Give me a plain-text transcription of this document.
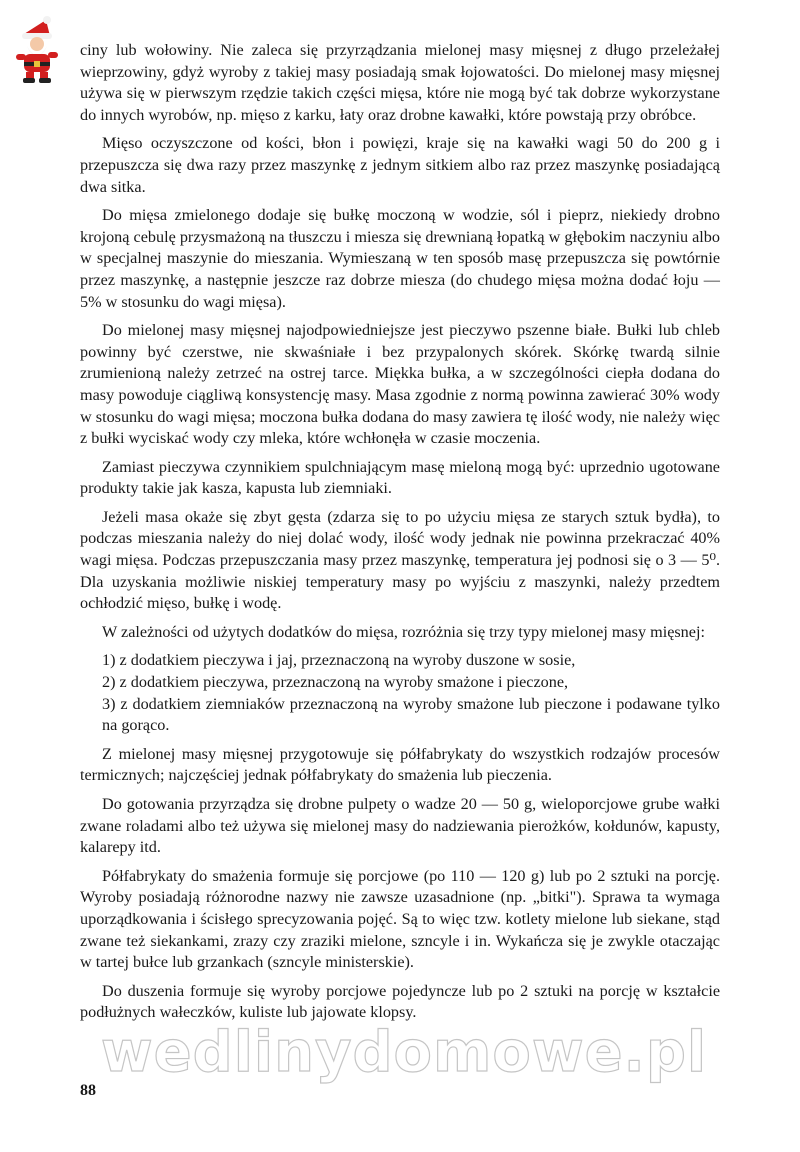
ciny lub wołowiny. Nie zaleca się przyrządzania mielonej masy mięsnej z długo przeleżałej wieprzowiny, gdyż wyroby z takiej masy posiadają smak łojowatości. Do mielonej masy mięsnej używa się w pierwszym rzędzie takich części mięsa, które nie mogą być tak dobrze wykorzystane do innych wyrobów, np. mięso z karku, łaty oraz drobne kawałki, które powstają przy obróbce.

Mięso oczyszczone od kości, błon i powięzi, kraje się na kawałki wagi 50 do 200 g i przepuszcza się dwa razy przez maszynkę z jednym sitkiem albo raz przez maszynkę posiadającą dwa sitka.

Do mięsa zmielonego dodaje się bułkę moczoną w wodzie, sól i pieprz, niekiedy drobno krojoną cebulę przysmażoną na tłuszczu i miesza się drewnianą łopatką w głębokim naczyniu albo w specjalnej maszynie do mieszania. Wymieszaną w ten sposób masę przepuszcza się powtórnie przez maszynkę, a następnie jeszcze raz dobrze miesza (do chudego mięsa można dodać łoju — 5% w stosunku do wagi mięsa).

Do mielonej masy mięsnej najodpowiedniejsze jest pieczywo pszenne białe. Bułki lub chleb powinny być czerstwe, nie skwaśniałe i bez przypalonych skórek. Skórkę twardą silnie zrumienioną należy zetrzeć na ostrej tarce. Miękka bułka, a w szczególności ciepła dodana do masy powoduje ciągliwą konsystencję masy. Masa zgodnie z normą powinna zawierać 30% wody w stosunku do wagi mięsa; moczona bułka dodana do masy zawiera tę ilość wody, nie należy więc z bułki wyciskać wody czy mleka, które wchłonęła w czasie moczenia.

Zamiast pieczywa czynnikiem spulchniającym masę mieloną mogą być: uprzednio ugotowane produkty takie jak kasza, kapusta lub ziemniaki.

Jeżeli masa okaże się zbyt gęsta (zdarza się to po użyciu mięsa ze starych sztuk bydła), to podczas mieszania należy do niej dolać wody, ilość wody jednak nie powinna przekraczać 40% wagi mięsa. Podczas przepuszczania masy przez maszynkę, temperatura jej podnosi się o 3 — 5⁰. Dla uzyskania możliwie niskiej temperatury masy po wyjściu z maszynki, należy przedtem ochłodzić mięso, bułkę i wodę.

W zależności od użytych dodatków do mięsa, rozróżnia się trzy typy mielonej masy mięsnej:

1) z dodatkiem pieczywa i jaj, przeznaczoną na wyroby duszone w sosie,

2) z dodatkiem pieczywa, przeznaczoną na wyroby smażone i pieczone,

3) z dodatkiem ziemniaków przeznaczoną na wyroby smażone lub pieczone i podawane tylko na gorąco.

Z mielonej masy mięsnej przygotowuje się półfabrykaty do wszystkich rodzajów procesów termicznych; najczęściej jednak półfabrykaty do smażenia lub pieczenia.

Do gotowania przyrządza się drobne pulpety o wadze 20 — 50 g, wieloporcjowe grube wałki zwane roladami albo też używa się mielonej masy do nadziewania pierożków, kołdunów, kapusty, kalarepy itd.

Półfabrykaty do smażenia formuje się porcjowe (po 110 — 120 g) lub po 2 sztuki na porcję. Wyroby posiadają różnorodne nazwy nie zawsze uzasadnione (np. „bitki"). Sprawa ta wymaga uporządkowania i ścisłego sprecyzowania pojęć. Są to więc tzw. kotlety mielone lub siekane, stąd zwane też siekankami, zrazy czy zraziki mielone, szncyle i in. Wykańcza się je zwykle otaczając w tartej bułce lub grzankach (szncyle ministerskie).

Do duszenia formuje się wyroby porcjowe pojedyncze lub po 2 sztuki na porcję w kształcie podłużnych wałeczków, kuliste lub jajowate klopsy.

wedlinydomowe.pl
88
